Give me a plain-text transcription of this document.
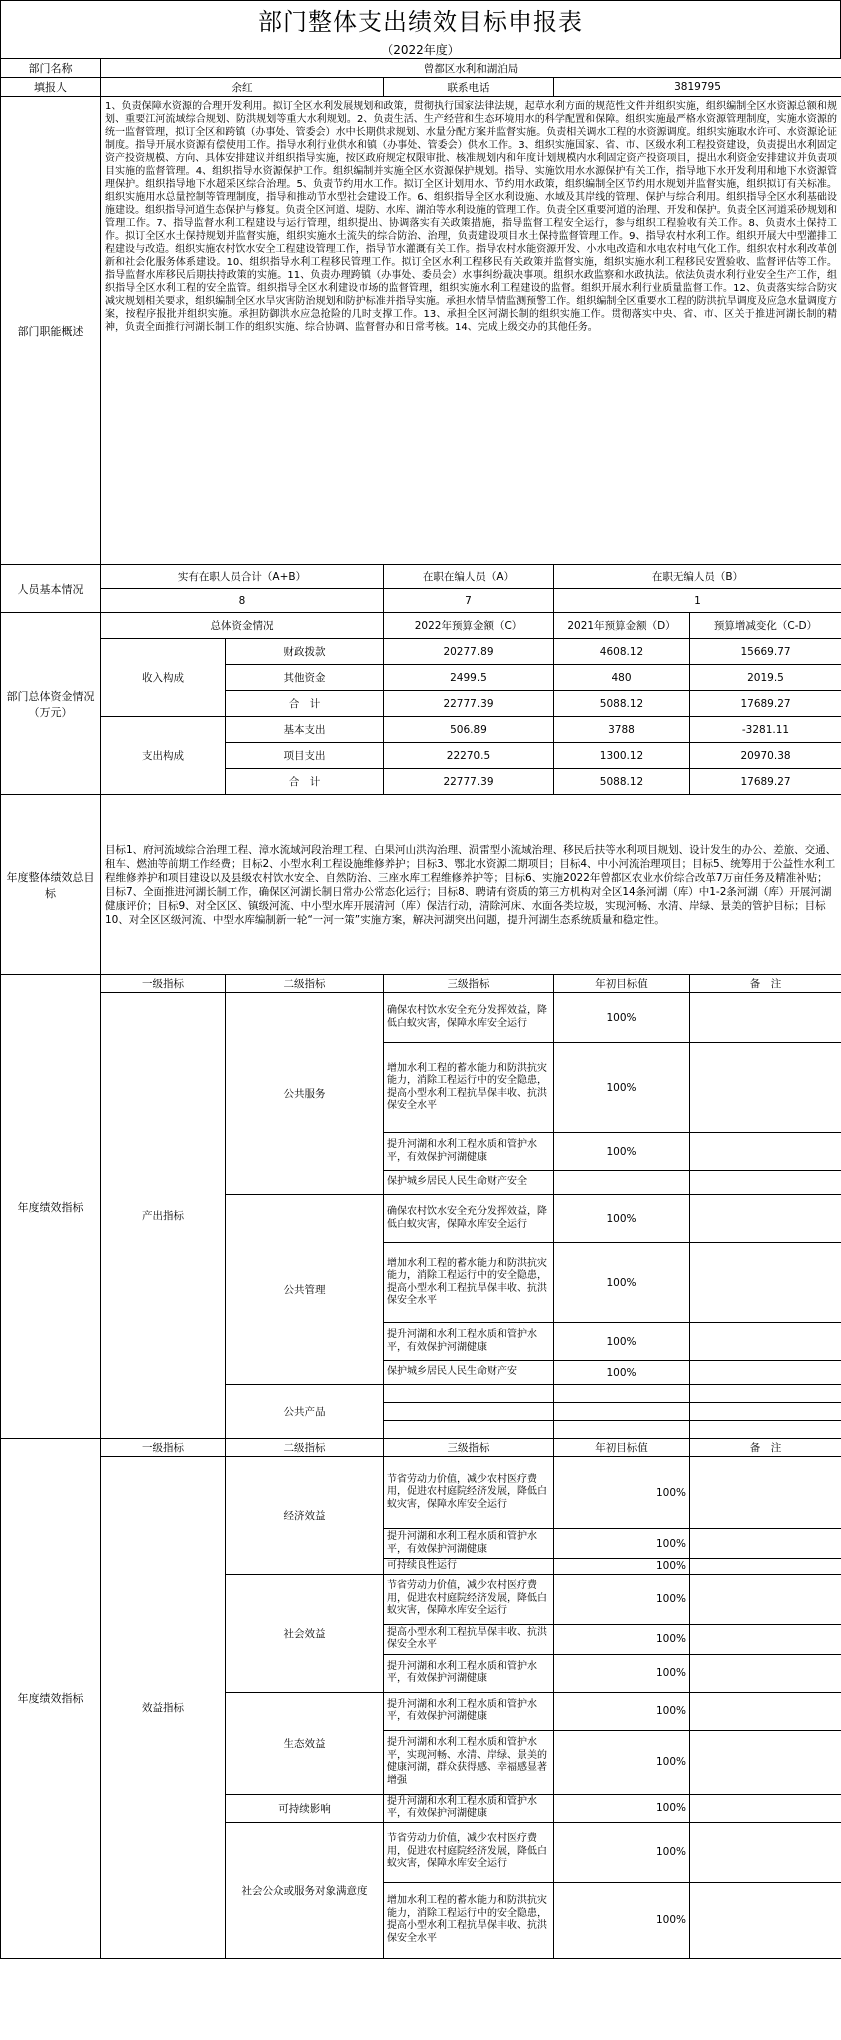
部门整体支出绩效目标申报表
（2022年度）
部门名称	曾都区水利和湖泊局				
填报人	余红		联系电话	3819795	
部门职能概述	1、负责保障水资源的合理开发利用。拟订全区水利发展规划和政策，贯彻执行国家法律法规，起草水利方面的规范性文件并组织实施，组织编制全区水资源总额和规划、重要江河流域综合规划、防洪规划等重大水利规划。2、负责生活、生产经营和生态环境用水的科学配置和保障。组织实施最严格水资源管理制度，实施水资源的统一监督管理，拟订全区和跨镇（办事处、管委会）水中长期供求规划、水量分配方案并监督实施。负责相关调水工程的水资源调度。组织实施取水许可、水资源论证制度。指导开展水资源有偿使用工作。指导水利行业供水和镇（办事处、管委会）供水工作。3、组织实施国家、省、市、区级水利工程投资建设，负责提出水利固定资产投资规模、方向、具体安排建议并组织指导实施，按区政府规定权限审批、核准规划内和年度计划规模内水利固定资产投资项目，提出水利资金安排建议并负责项目实施的监督管理。4、组织指导水资源保护工作。组织编制并实施全区水资源保护规划。指导、实施饮用水水源保护有关工作，指导地下水开发利用和地下水资源管理保护。组织指导地下水超采区综合治理。5、负责节约用水工作。拟订全区计划用水、节约用水政策，组织编制全区节约用水规划并监督实施，组织拟订有关标准。组织实施用水总量控制等管理制度，指导和推动节水型社会建设工作。6、组织指导全区水利设施、水域及其岸线的管理、保护与综合利用。组织指导全区水利基础设施建设。组织指导河道生态保护与修复。负责全区河道、堤防、水库、湖泊等水利设施的管理工作。负责全区重要河道的治理、开发和保护。负责全区河道采砂规划和管理工作。7、指导监督水利工程建设与运行管理，组织提出、协调落实有关政策措施，指导监督工程安全运行，参与组织工程验收有关工作。8、负责水土保持工作。拟订全区水土保持规划并监督实施，组织实施水土流失的综合防治、治理，负责建设项目水土保持监督管理工作。9、指导农村水利工作。组织开展大中型灌排工程建设与改造。组织实施农村饮水安全工程建设管理工作，指导节水灌溉有关工作。指导农村水能资源开发、小水电改造和水电农村电气化工作。组织农村水利改革创新和社会化服务体系建设。10、组织指导水利工程移民管理工作。拟订全区水利工程移民有关政策并监督实施，组织实施水利工程移民安置验收、监督评估等工作。指导监督水库移民后期扶持政策的实施。11、负责办理跨镇（办事处、委员会）水事纠纷裁决事项。组织水政监察和水政执法。依法负责水利行业安全生产工作，组织指导全区水利工程的安全监管。组织指导全区水利建设市场的监督管理，组织实施水利工程建设的监督。组织开展水利行业质量监督工作。12、负责落实综合防灾减灾规划相关要求，组织编制全区水旱灾害防治规划和防护标准并指导实施。承担水情旱情监测预警工作。组织编制全区重要水工程的防洪抗旱调度及应急水量调度方案，按程序报批并组织实施。承担防御洪水应急抢险的几时支撑工作。13、承担全区河湖长制的组织实施工作。贯彻落实中央、省、市、区关于推进河湖长制的精神，负责全面推行河湖长制工作的组织实施、综合协调、监督督办和日常考核。14、完成上级交办的其他任务。				
人员基本情况	实有在职人员合计（A+B）		在职在编人员（A）	在职无编人员（B）	
	8		7	1	
部门总体资金情况（万元）	总体资金情况		2022年预算金额（C）	2021年预算金额（D）	预算增减变化（C-D）
	收入构成	财政拨款	20277.89	4608.12	15669.77
		其他资金	2499.5	480	2019.5
		合　计	22777.39	5088.12	17689.27
	支出构成	基本支出	506.89	3788	-3281.11
		项目支出	22270.5	1300.12	20970.38
		合　计	22777.39	5088.12	17689.27
年度整体绩效总目标	目标1、府河流域综合治理工程、漳水流域河段治理工程、白果河山洪沟治理、涢雷型小流域治理、移民后扶等水利项目规划、设计发生的办公、差旅、交通、租车、燃油等前期工作经费；目标2、小型水利工程设施维修养护；目标3、鄂北水资源二期项目；目标4、中小河流治理项目；目标5、统筹用于公益性水利工程维修养护和项目建设以及县级农村饮水安全、自然防治、三座水库工程维修养护等；目标6、实施2022年曾都区农业水价综合改革7万亩任务及精准补贴；目标7、全面推进河湖长制工作，确保区河湖长制日常办公常态化运行；目标8、聘请有资质的第三方机构对全区14条河湖（库）中1-2条河湖（库）开展河湖健康评价；目标9、对全区区、镇级河流、中小型水库开展清河（库）保洁行动，清除河床、水面各类垃圾，实现河畅、水清、岸绿、景美的管护目标；目标10、对全区区级河流、中型水库编制新一轮“一河一策”实施方案，解决河湖突出问题，提升河湖生态系统质量和稳定性。				
年度绩效指标	一级指标	二级指标	三级指标	年初目标值	备　注
	产出指标	公共服务	确保农村饮水安全充分发挥效益，降低白蚁灾害，保障水库安全运行	100%	
			增加水利工程的蓄水能力和防洪抗灾能力，消除工程运行中的安全隐患，提高小型水利工程抗旱保丰收、抗洪保安全水平	100%	
			提升河湖和水利工程水质和管护水平，有效保护河湖健康	100%	
			保护城乡居民人民生命财产安全		
		公共管理	确保农村饮水安全充分发挥效益，降低白蚁灾害，保障水库安全运行	100%	
			增加水利工程的蓄水能力和防洪抗灾能力，消除工程运行中的安全隐患，提高小型水利工程抗旱保丰收、抗洪保安全水平	100%	
			提升河湖和水利工程水质和管护水平，有效保护河湖健康	100%	
			保护城乡居民人民生命财产安	100%	
		公共产品			

年度绩效指标	一级指标	二级指标	三级指标	年初目标值	备　注
	效益指标	经济效益	节省劳动力价值，减少农村医疗费用，促进农村庭院经济发展，降低白蚁灾害，保障水库安全运行	100%	
			提升河湖和水利工程水质和管护水平，有效保护河湖健康	100%	
			可持续良性运行	100%	
		社会效益	节省劳动力价值，减少农村医疗费用，促进农村庭院经济发展，降低白蚁灾害，保障水库安全运行	100%	
			提高小型水利工程抗旱保丰收、抗洪保安全水平	100%	
			提升河湖和水利工程水质和管护水平，有效保护河湖健康	100%	
		生态效益	提升河湖和水利工程水质和管护水平，有效保护河湖健康	100%	
			提升河湖和水利工程水质和管护水平，实现河畅、水清、岸绿、景美的健康河湖，群众获得感、幸福感显著增强	100%	
		可持续影响	提升河湖和水利工程水质和管护水平，有效保护河湖健康	100%	
		社会公众或服务对象满意度	节省劳动力价值，减少农村医疗费用，促进农村庭院经济发展，降低白蚁灾害，保障水库安全运行	100%	
			增加水利工程的蓄水能力和防洪抗灾能力，消除工程运行中的安全隐患，提高小型水利工程抗旱保丰收、抗洪保安全水平	100%	
